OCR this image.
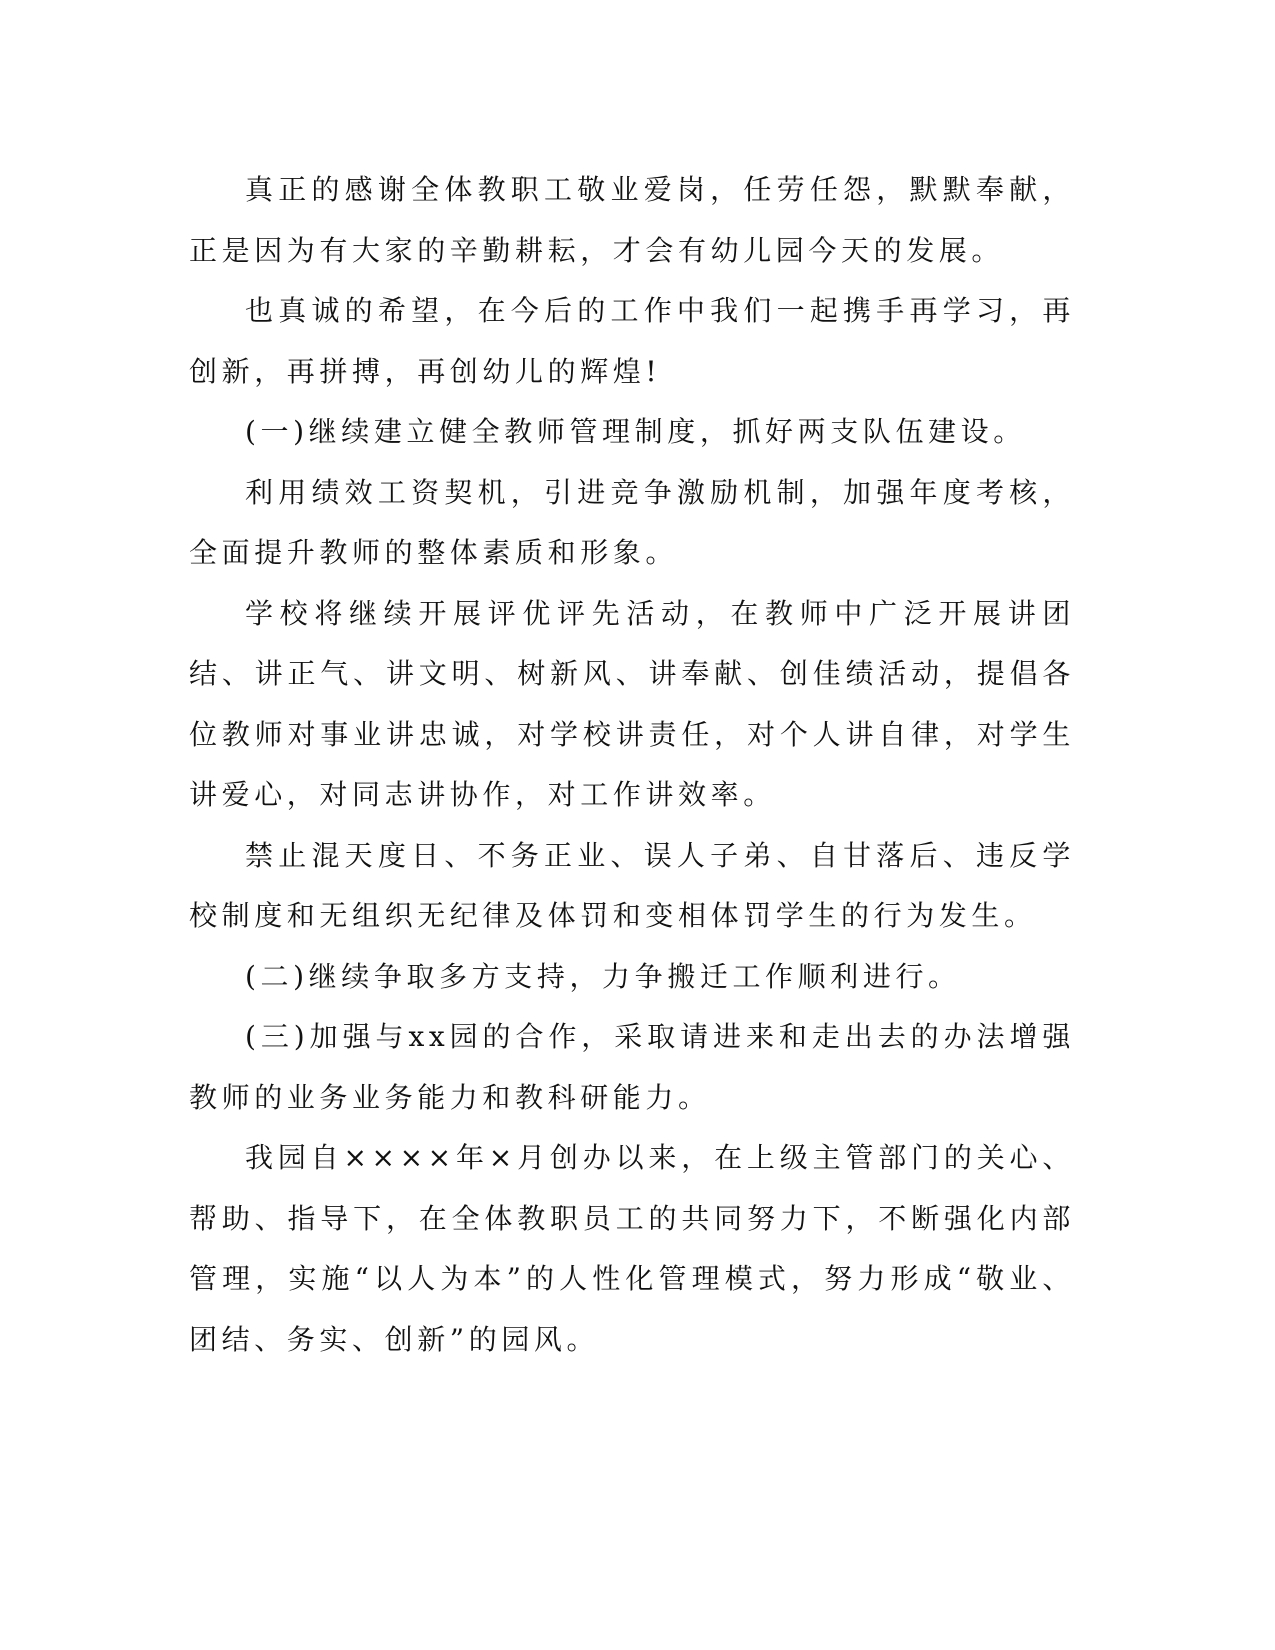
真正的感谢全体教职工敬业爱岗，任劳任怨，默默奉献，正是因为有大家的辛勤耕耘，才会有幼儿园今天的发展。

也真诚的希望，在今后的工作中我们一起携手再学习，再创新，再拼搏，再创幼儿的辉煌!

(一)继续建立健全教师管理制度，抓好两支队伍建设。

利用绩效工资契机，引进竞争激励机制，加强年度考核，全面提升教师的整体素质和形象。

学校将继续开展评优评先活动，在教师中广泛开展讲团结、讲正气、讲文明、树新风、讲奉献、创佳绩活动，提倡各位教师对事业讲忠诚，对学校讲责任，对个人讲自律，对学生讲爱心，对同志讲协作，对工作讲效率。

禁止混天度日、不务正业、误人子弟、自甘落后、违反学校制度和无组织无纪律及体罚和变相体罚学生的行为发生。

(二)继续争取多方支持，力争搬迁工作顺利进行。

(三)加强与xx园的合作，采取请进来和走出去的办法增强教师的业务业务能力和教科研能力。

我园自××××年×月创办以来，在上级主管部门的关心、帮助、指导下，在全体教职员工的共同努力下，不断强化内部管理，实施“以人为本”的人性化管理模式，努力形成“敬业、团结、务实、创新”的园风。
